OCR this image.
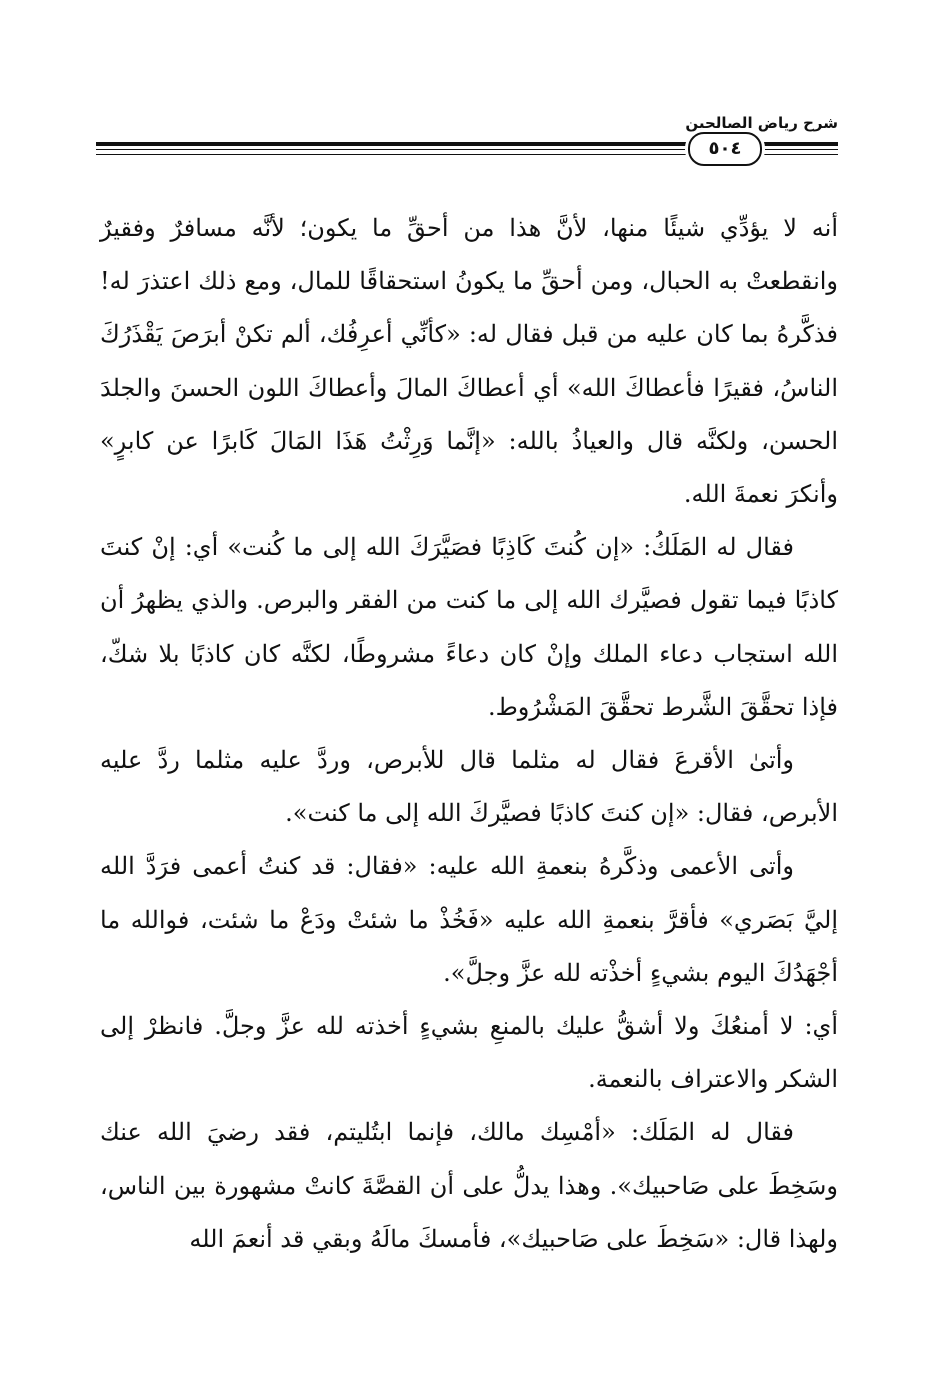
شرح رياض الصالحين
٥٠٤

أنه لا يؤدِّي شيئًا منها، لأنَّ هذا من أحقِّ ما يكون؛ لأنَّه مسافرٌ وفقيرٌ وانقطعتْ به الحبال، ومن أحقِّ ما يكونُ استحقاقًا للمال، ومع ذلك اعتذرَ له! فذكَّرهُ بما كان عليه من قبل فقال له: «كأنِّي أعرِفُك، ألم تكنْ أبرَصَ يَقْذَرُكَ الناسُ، فقيرًا فأعطاكَ الله» أي أعطاكَ المالَ وأعطاكَ اللون الحسنَ والجلدَ الحسن، ولكنَّه قال والعياذُ بالله: «إنَّما وَرِثْتُ هَذَا المَالَ كَابرًا عن كابرٍ» وأنكرَ نعمةَ الله.

فقال له المَلَكُ: «إن كُنتَ كَاذِبًا فصَيَّرَكَ الله إلى ما كُنت» أي: إنْ كنتَ كاذبًا فيما تقول فصيَّرك الله إلى ما كنت من الفقر والبرص. والذي يظهرُ أن الله استجاب دعاء الملك وإنْ كان دعاءً مشروطًا، لكنَّه كان كاذبًا بلا شكّ، فإذا تحقَّقَ الشَّرط تحقَّقَ المَشْرُوط.

وأتىٰ الأقرعَ فقال له مثلما قال للأبرص، وردَّ عليه مثلما ردَّ عليه الأبرص، فقال: «إن كنتَ كاذبًا فصيَّركَ الله إلى ما كنت».

وأتى الأعمى وذكَّرهُ بنعمةِ الله عليه: «فقال: قد كنتُ أعمى فرَدَّ الله إليَّ بَصَري» فأقرَّ بنعمةِ الله عليه «فَخُذْ ما شئتْ ودَعْ ما شئت، فوالله ما أجْهَدُكَ اليوم بشيءٍ أخذْته لله عزَّ وجلَّ».

أي: لا أمنعُكَ ولا أشقُّ عليك بالمنعِ بشيءٍ أخذته لله عزَّ وجلَّ. فانظرْ إلى الشكر والاعتراف بالنعمة.

فقال له المَلَك: «أمْسِك مالك، فإنما ابتُليتم، فقد رضيَ الله عنك وسَخِطَ على صَاحبيك». وهذا يدلُّ على أن القصَّةَ كانتْ مشهورة بين الناس، ولهذا قال: «سَخِطَ على صَاحبيك»، فأمسكَ مالَهُ وبقي قد أنعمَ الله
